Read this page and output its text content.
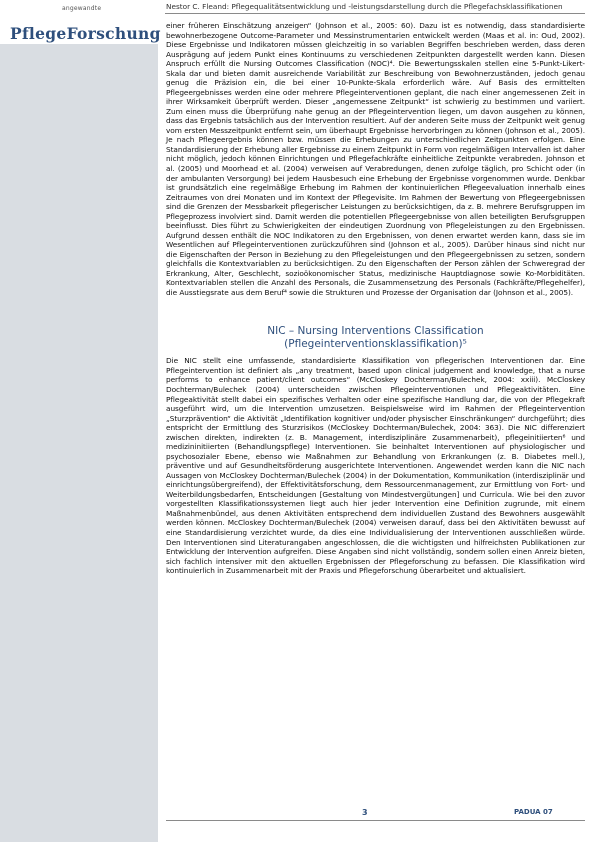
angewandte
PflegeForschung
Nestor C. Fleand: Pflegequalitätsentwicklung und -leistungsdarstellung durch die Pflegefachsklassifikationen

einer früheren Einschätzung anzeigen“ (Johnson et al., 2005: 60). Dazu ist es notwendig, dass standardisierte bewohnerbezogene Outcome-Parameter und Messinstrumentarien entwickelt werden (Maas et al. in: Oud, 2002). Diese Ergebnisse und Indikatoren müssen gleichzeitig in so variablen Begriffen beschrieben werden, dass deren Ausprägung auf jedem Punkt eines Kontinuums zu verschiedenen Zeitpunkten dargestellt werden kann. Diesen Anspruch erfüllt die Nursing Outcomes Classification (NOC)⁴. Die Bewertungsskalen stellen eine 5-Punkt-Likert-Skala dar und bieten damit ausreichende Variabilität zur Beschreibung von Bewohnerzuständen, jedoch genau genug die Präzision ein, die bei einer 10-Punkte-Skala erforderlich wäre. Auf Basis des ermittelten Pflegeergebnisses werden eine oder mehrere Pflegeinterventionen geplant, die nach einer angemessenen Zeit in ihrer Wirksamkeit überprüft werden. Dieser „angemessene Zeitpunkt“ ist schwierig zu bestimmen und variiert. Zum einen muss die Überprüfung nahe genug an der Pflegeintervention liegen, um davon ausgehen zu können, dass das Ergebnis tatsächlich aus der Intervention resultiert. Auf der anderen Seite muss der Zeitpunkt weit genug vom ersten Messzeitpunkt entfernt sein, um überhaupt Ergebnisse hervorbringen zu können (Johnson et al., 2005). Je nach Pflegeergebnis können bzw. müssen die Erhebungen zu unterschiedlichen Zeitpunkten erfolgen. Eine Standardisierung der Erhebung aller Ergebnisse zu einem Zeitpunkt in Form von regelmäßigen Intervallen ist daher nicht möglich, jedoch können Einrichtungen und Pflegefachkräfte einheitliche Zeitpunkte verabreden. Johnson et al. (2005) und Moorhead et al. (2004) verweisen auf Verabredungen, denen zufolge täglich, pro Schicht oder (in der ambulanten Versorgung) bei jedem Hausbesuch eine Erhebung der Ergebnisse vorgenommen wurde. Denkbar ist grundsätzlich eine regelmäßige Erhebung im Rahmen der kontinuierlichen Pflegeevaluation innerhalb eines Zeitraumes von drei Monaten und im Kontext der Pflegevisite. Im Rahmen der Bewertung von Pflegeergebnissen sind die Grenzen der Messbarkeit pflegerischer Leistungen zu berücksichtigen, da z. B. mehrere Berufsgruppen im Pflegeprozess involviert sind. Damit werden die potentiellen Pflegeergebnisse von allen beteiligten Berufsgruppen beeinflusst. Dies führt zu Schwierigkeiten der eindeutigen Zuordnung von Pflegeleistungen zu den Ergebnissen. Aufgrund dessen enthält die NOC Indikatoren zu den Ergebnissen, von denen erwartet werden kann, dass sie im Wesentlichen auf Pflegeinterventionen zurückzuführen sind (Johnson et al., 2005). Darüber hinaus sind nicht nur die Eigenschaften der Person in Beziehung zu den Pflegeleistungen und den Pflegeergebnissen zu setzen, sondern gleichfalls die Kontextvariablen zu berücksichtigen. Zu den Eigenschaften der Person zählen der Schweregrad der Erkrankung, Alter, Geschlecht, sozioökonomischer Status, medizinische Hauptdiagnose sowie Ko-Morbiditäten. Kontextvariablen stellen die Anzahl des Personals, die Zusammensetzung des Personals (Fachkräfte/Pflegehelfer), die Ausstiegsrate aus dem Beruf⁴ sowie die Strukturen und Prozesse der Organisation dar (Johnson et al., 2005).

NIC – Nursing Interventions Classification
(Pflegeinterventionsklassifikation)⁵

Die NIC stellt eine umfassende, standardisierte Klassifikation von pflegerischen Interventionen dar. Eine Pflegeintervention ist definiert als „any treatment, based upon clinical judgement and knowledge, that a nurse performs to enhance patient/client outcomes“ (McCloskey Dochterman/Bulechek, 2004: xxiii). McCloskey Dochterman/Bulechek (2004) unterscheiden zwischen Pflegeinterventionen und Pflegeaktivitäten. Eine Pflegeaktivität stellt dabei ein spezifisches Verhalten oder eine spezifische Handlung dar, die von der Pflegekraft ausgeführt wird, um die Intervention umzusetzen. Beispielsweise wird im Rahmen der Pflegeintervention „Sturzprävention“ die Aktivität „Identifikation kognitiver und/oder physischer Einschränkungen“ durchgeführt; dies entspricht der Ermittlung des Sturzrisikos (McCloskey Dochterman/Bulechek, 2004: 363). Die NIC differenziert zwischen direkten, indirekten (z. B. Management, interdisziplinäre Zusammenarbeit), pflegeinitiierten⁶ und medizininitiierten (Behandlungspflege) Interventionen. Sie beinhaltet Interventionen auf physiologischer und psychosozialer Ebene, ebenso wie Maßnahmen zur Behandlung von Erkrankungen (z. B. Diabetes mell.), präventive und auf Gesundheitsförderung ausgerichtete Interventionen. Angewendet werden kann die NIC nach Aussagen von McCloskey Dochterman/Bulechek (2004) in der Dokumentation, Kommunikation (interdisziplinär und einrichtungsübergreifend), der Effektivitätsforschung, dem Ressourcenmanagement, zur Ermittlung von Fort- und Weiterbildungsbedarfen, Entscheidungen [Gestaltung von Mindestvergütungen] und Curricula. Wie bei den zuvor vorgestellten Klassifikationssystemen liegt auch hier jeder Intervention eine Definition zugrunde, mit einem Maßnahmenbündel, aus denen Aktivitäten entsprechend dem individuellen Zustand des Bewohners ausgewählt werden können. McCloskey Dochterman/Bulechek (2004) verweisen darauf, dass bei den Aktivitäten bewusst auf eine Standardisierung verzichtet wurde, da dies eine Individualisierung der Interventionen ausschließen würde. Den Interventionen sind Literaturangaben angeschlossen, die die wichtigsten und hilfreichsten Publikationen zur Entwicklung der Intervention aufgreifen. Diese Angaben sind nicht vollständig, sondern sollen einen Anreiz bieten, sich fachlich intensiver mit den aktuellen Ergebnissen der Pflegeforschung zu befassen. Die Klassifikation wird kontinuierlich in Zusammenarbeit mit der Praxis und Pflegeforschung überarbeitet und aktualisiert.

3	PADUA 07
